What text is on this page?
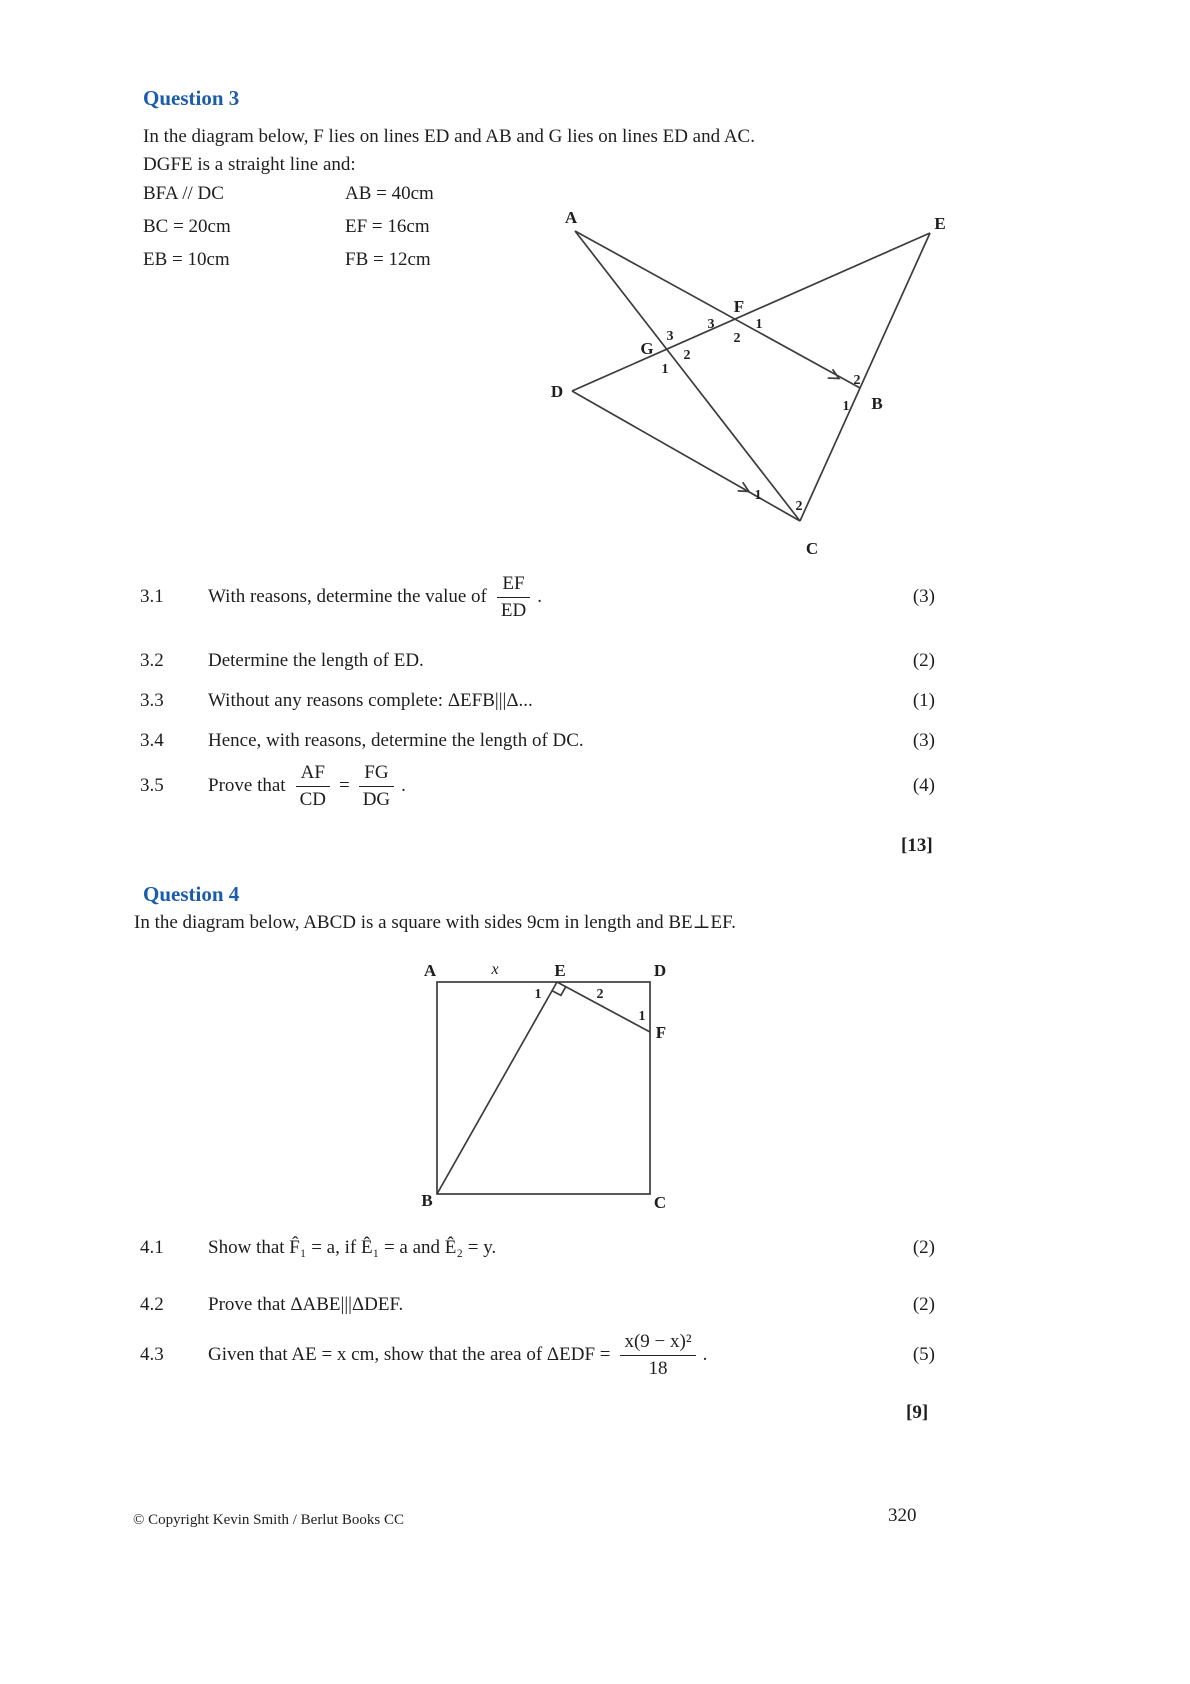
Question 3

In the diagram below, F lies on lines ED and AB and G lies on lines ED and AC.

DGFE is a straight line and:

BFA // DC
BC = 20cm
EB = 10cm
AB = 40cm
EF = 16cm
FB = 12cm
A	E
F
G
D
B
C
3
2
1
3
2
1
2
1
1
2
3.1	With reasons, determine the value of $\frac{EF}{ED}$ .	(3)
3.2	Determine the length of ED.	(2)
3.3	Without any reasons complete: ΔEFB|||Δ...	(1)
3.4	Hence, with reasons, determine the length of DC.	(3)
3.5	Prove that $\frac{AF}{CD} = \frac{FG}{DG}$ .	(4)
[13]
Question 4

In the diagram below, ABCD is a square with sides 9cm in length and BE⊥EF.

A	x	E	D
F
B	C
1	2
1
4.1	Show that F̂₁ = a, if Ê₁ = a and Ê₂ = y.	(2)
4.2	Prove that ΔABE|||ΔDEF.	(2)
4.3	Given that AE = x cm, show that the area of $\Delta EDF = \frac{\text{x(9 − x)²}}{18}$ .	(5)
[9]
© Copyright Kevin Smith / Berlut Books CC	320
